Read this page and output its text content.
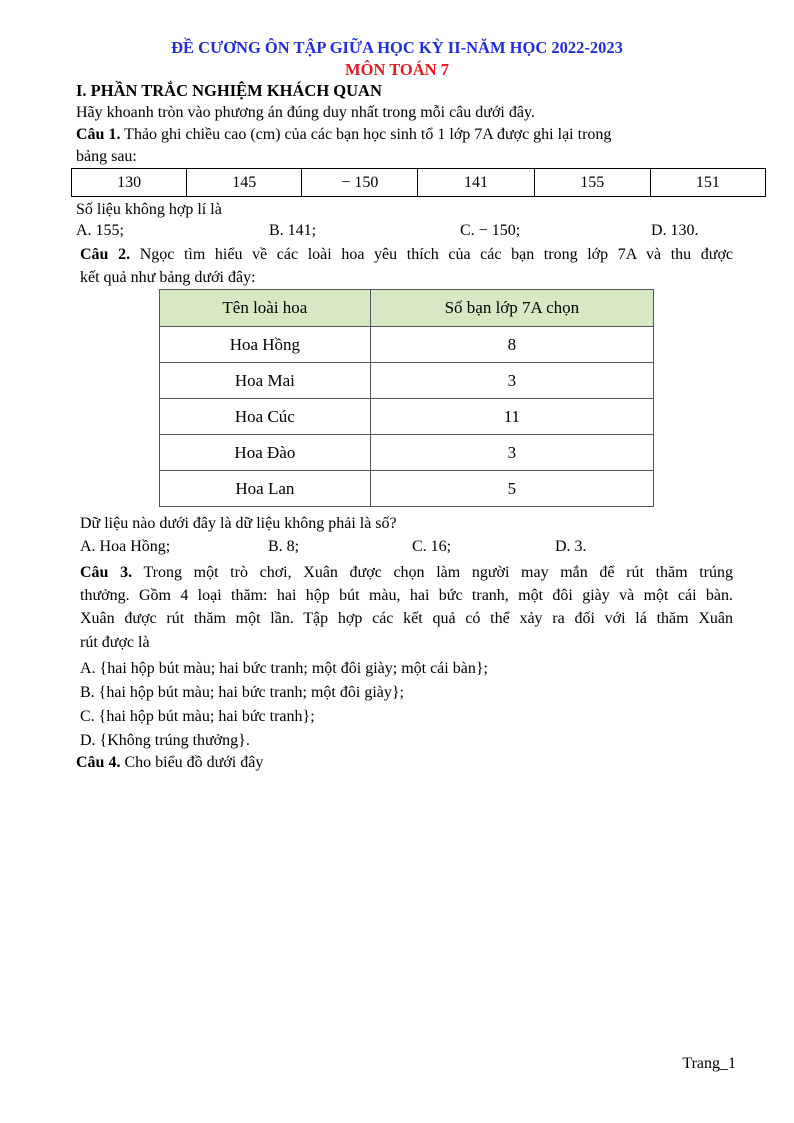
ĐỀ CƯƠNG ÔN TẬP GIỮA HỌC KỲ II-NĂM HỌC 2022-2023
MÔN TOÁN 7
I. PHẦN TRẮC NGHIỆM KHÁCH QUAN
Hãy khoanh tròn vào phương án đúng duy nhất trong mỗi câu dưới đây.
Câu 1. Thảo ghi chiều cao (cm) của các bạn học sinh tổ 1 lớp 7A được ghi lại trong
bảng sau:
130	145	− 150	141	155	151
Số liệu không hợp lí là
A. 155;	B. 141;	C. − 150;	D. 130.
Câu 2. Ngọc tìm hiểu về các loài hoa yêu thích của các bạn trong lớp 7A và thu được
kết quả như bảng dưới đây:
Tên loài hoa	Số bạn lớp 7A chọn
Hoa Hồng	8
Hoa Mai	3
Hoa Cúc	11
Hoa Đào	3
Hoa Lan	5
Dữ liệu nào dưới đây là dữ liệu không phải là số?
A. Hoa Hồng;	B. 8;	C. 16;	D. 3.
Câu 3. Trong một trò chơi, Xuân được chọn làm người may mắn để rút thăm trúng
thưởng. Gồm 4 loại thăm: hai hộp bút màu, hai bức tranh, một đôi giày và một cái bàn.
Xuân được rút thăm một lần. Tập hợp các kết quả có thể xảy ra đối với lá thăm Xuân
rút được là
A. {hai hộp bút màu; hai bức tranh; một đôi giày; một cái bàn};
B. {hai hộp bút màu; hai bức tranh; một đôi giày};
C. {hai hộp bút màu; hai bức tranh};
D. {Không trúng thưởng}.
Câu 4. Cho biểu đồ dưới đây
Trang_1
